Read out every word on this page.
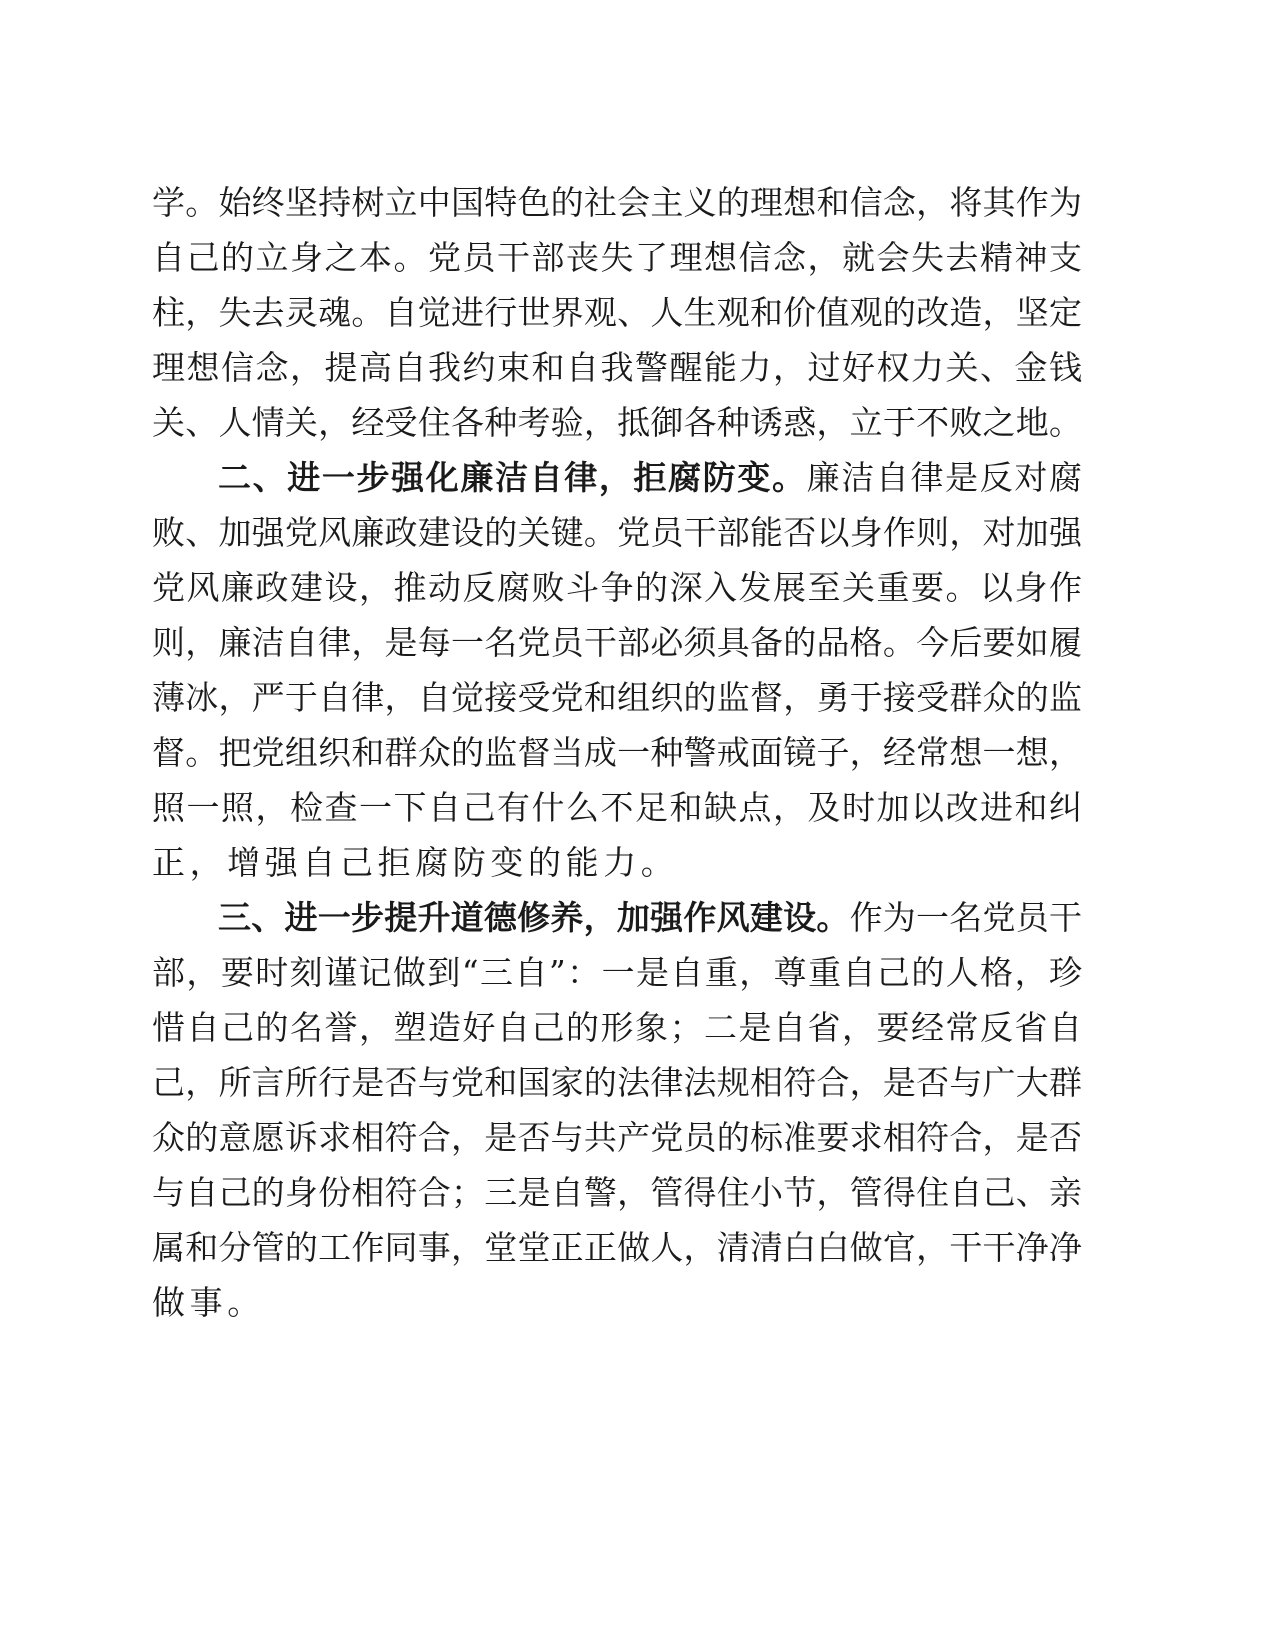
学。始终坚持树立中国特色的社会主义的理想和信念，将其作为
自己的立身之本。党员干部丧失了理想信念，就会失去精神支
柱，失去灵魂。自觉进行世界观、人生观和价值观的改造，坚定
理想信念，提高自我约束和自我警醒能力，过好权力关、金钱
关、人情关，经受住各种考验，抵御各种诱惑，立于不败之地。
二、进一步强化廉洁自律，拒腐防变。廉洁自律是反对腐
败、加强党风廉政建设的关键。党员干部能否以身作则，对加强
党风廉政建设，推动反腐败斗争的深入发展至关重要。以身作
则，廉洁自律，是每一名党员干部必须具备的品格。今后要如履
薄冰，严于自律，自觉接受党和组织的监督，勇于接受群众的监
督。把党组织和群众的监督当成一种警戒面镜子，经常想一想，
照一照，检查一下自己有什么不足和缺点，及时加以改进和纠
正，增强自己拒腐防变的能力。
三、进一步提升道德修养，加强作风建设。作为一名党员干
部，要时刻谨记做到“三自”：一是自重，尊重自己的人格，珍
惜自己的名誉，塑造好自己的形象；二是自省，要经常反省自
己，所言所行是否与党和国家的法律法规相符合，是否与广大群
众的意愿诉求相符合，是否与共产党员的标准要求相符合，是否
与自己的身份相符合；三是自警，管得住小节，管得住自己、亲
属和分管的工作同事，堂堂正正做人，清清白白做官，干干净净
做事。
